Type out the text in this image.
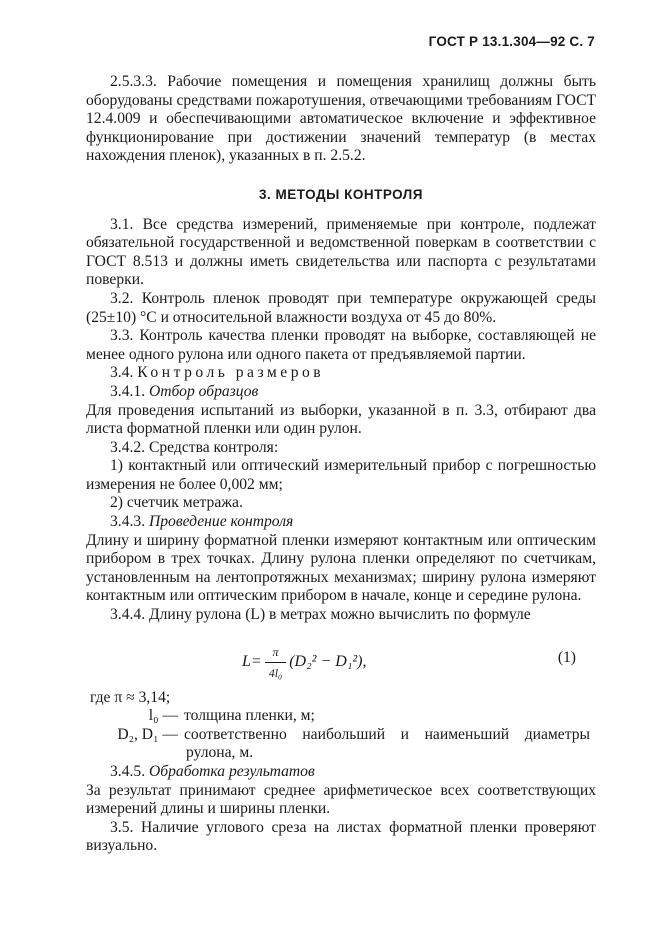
ГОСТ Р 13.1.304—92 С. 7

2.5.3.3. Рабочие помещения и помещения хранилищ должны быть оборудованы средствами пожаротушения, отвечающими требованиям ГОСТ 12.4.009 и обеспечивающими автоматическое включение и эффективное функционирование при достижении значений температур (в местах нахождения пленок), указанных в п. 2.5.2.

3. МЕТОДЫ КОНТРОЛЯ

3.1. Все средства измерений, применяемые при контроле, подлежат обязательной государственной и ведомственной поверкам в соответствии с ГОСТ 8.513 и должны иметь свидетельства или паспорта с результатами поверки.

3.2. Контроль пленок проводят при температуре окружающей среды (25±10) °С и относительной влажности воздуха от 45 до 80%.

3.3. Контроль качества пленки проводят на выборке, составляющей не менее одного рулона или одного пакета от предъявляемой партии.

3.4. Контроль размеров

3.4.1. Отбор образцов

Для проведения испытаний из выборки, указанной в п. 3.3, отбирают два листа форматной пленки или один рулон.

3.4.2. Средства контроля:

1) контактный или оптический измерительный прибор с погрешностью измерения не более 0,002 мм;

2) счетчик метража.

3.4.3. Проведение контроля

Длину и ширину форматной пленки измеряют контактным или оптическим прибором в трех точках. Длину рулона пленки определяют по счетчикам, установленным на лентопротяжных механизмах; ширину рулона измеряют контактным или оптическим прибором в начале, конце и середине рулона.

3.4.4. Длину рулона (L) в метрах можно вычислить по формуле

$L= \frac{\pi}{\text{4l₀}} (D_2^2 - D_1^2)$,	(1)

где π ≈ 3,14;

l₀ — толщина пленки, м;
D₂, D₁ — соответственно наибольший и наименьший диаметры

рулона, м.

3.4.5. Обработка результатов

За результат принимают среднее арифметическое всех соответствующих измерений длины и ширины пленки.

3.5. Наличие углового среза на листах форматной пленки проверяют визуально.
